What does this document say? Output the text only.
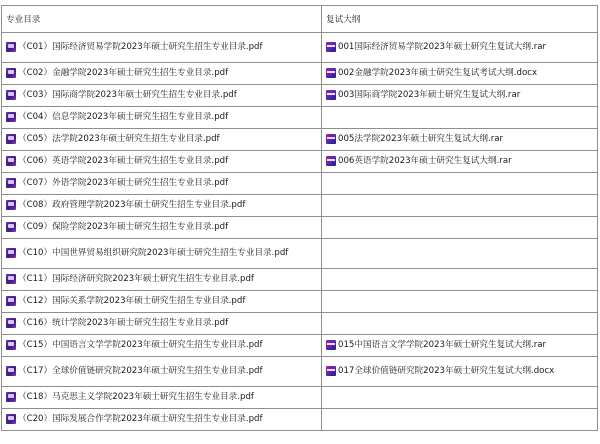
专业目录	复试大纲

（C01）国际经济贸易学院2023年硕士研究生招生专业目录.pdf	001国际经济贸易学院2023年硕士研究生复试大纲.rar

（C02）金融学院2023年硕士研究生招生专业目录.pdf	002金融学院2023年硕士研究生复试考试大纲.docx

（C03）国际商学院2023年硕士研究生招生专业目录.pdf	003国际商学院2023年硕士研究生复试大纲.rar

（C04）信息学院2023年硕士研究生招生专业目录.pdf	

（C05）法学院2023年硕士研究生招生专业目录.pdf	005法学院2023年硕士研究生复试大纲.rar

（C06）英语学院2023年硕士研究生招生专业目录.pdf	006英语学院2023年硕士研究生复试大纲.rar

（C07）外语学院2023年硕士研究生招生专业目录.pdf	

（C08）政府管理学院2023年硕士研究生招生专业目录.pdf	

（C09）保险学院2023年硕士研究生招生专业目录.pdf	

（C10）中国世界贸易组织研究院2023年硕士研究生招生专业目录.pdf	

（C11）国际经济研究院2023年硕士研究生招生专业目录.pdf	

（C12）国际关系学院2023年硕士研究生招生专业目录.pdf	

（C16）统计学院2023年硕士研究生招生专业目录.pdf	

（C15）中国语言文学学院2023年硕士研究生招生专业目录.pdf	015中国语言文学学院2023年硕士研究生复试大纲.rar

（C17）全球价值链研究院2023年硕士研究生招生专业目录.pdf	017全球价值链研究院2023年硕士研究生复试大纲.docx

（C18）马克思主义学院2023年硕士研究生招生专业目录.pdf	

（C20）国际发展合作学院2023年硕士研究生招生专业目录.pdf	
